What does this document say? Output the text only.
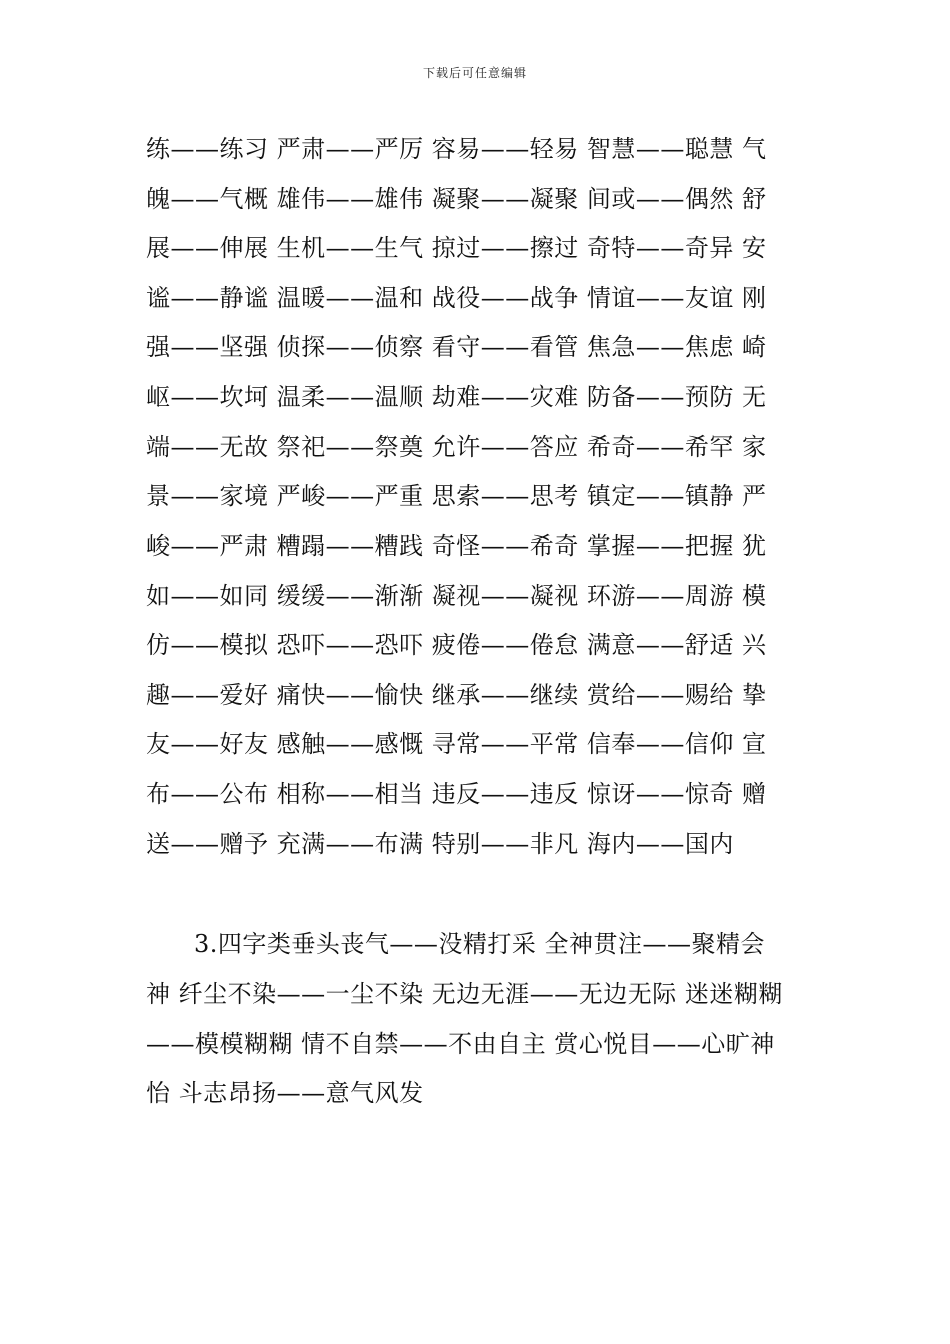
下载后可任意编辑
练——练习 严肃——严厉 容易——轻易 智慧——聪慧 气
魄——气概 雄伟——雄伟 凝聚——凝聚 间或——偶然 舒
展——伸展 生机——生气 掠过——擦过 奇特——奇异 安
谧——静谧 温暖——温和 战役——战争 情谊——友谊 刚
强——坚强 侦探——侦察 看守——看管 焦急——焦虑 崎
岖——坎坷 温柔——温顺 劫难——灾难 防备——预防 无
端——无故 祭祀——祭奠 允许——答应 希奇——希罕 家
景——家境 严峻——严重 思索——思考 镇定——镇静 严
峻——严肃 糟蹋——糟践 奇怪——希奇 掌握——把握 犹
如——如同 缓缓——渐渐 凝视——凝视 环游——周游 模
仿——模拟 恐吓——恐吓 疲倦——倦怠 满意——舒适 兴
趣——爱好 痛快——愉快 继承——继续 赏给——赐给 挚
友——好友 感触——感慨 寻常——平常 信奉——信仰 宣
布——公布 相称——相当 违反——违反 惊讶——惊奇 赠
送——赠予 充满——布满 特别——非凡 海内——国内
3.四字类垂头丧气——没精打采 全神贯注——聚精会
神 纤尘不染——一尘不染 无边无涯——无边无际 迷迷糊糊
——模模糊糊 情不自禁——不由自主 赏心悦目——心旷神
怡 斗志昂扬——意气风发
